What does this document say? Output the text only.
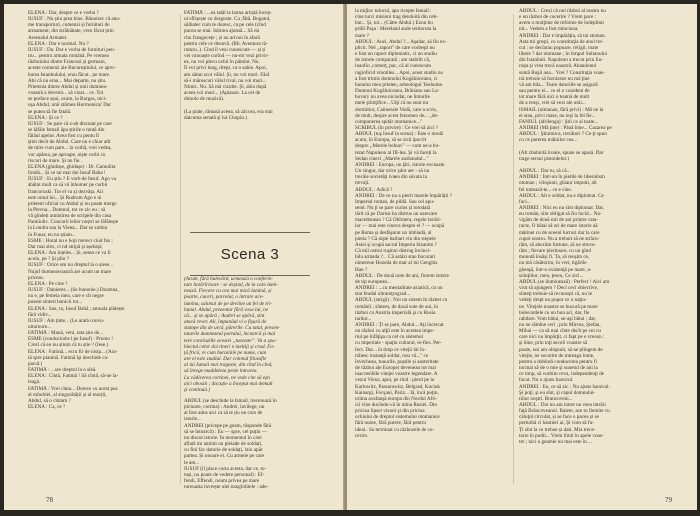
ELENA : Dar, despre ce e vorba ?
IUSUF : Nu știu prea bine. Bănuiesc că anu-
me transporturi, comenzi și furnituri de
armament, din străinătate, vreo făcut prin
Arsenalul Armatei.
ELENA : Dar e normal. Nu ?
IUSUF : Da. Dar e vorba de furnituri pen-
tru... pentru armata română. Pe vremea
războiului dintre Francezi și germani,
aceste comenzi ale Bucureștiului, ce apro-
barea Istanbulului, erau făcut.. pe mare.
Abi că nu erau... Mai departe, nu știu.
Prietenia dintre Abdul și unii dumnea-
voastră a devenit... să vizat... ce. Tot
se preface așui, ocam, la Burgas, nici-
ușa Abdul, unii stărnea Hormonica! Dar
se putea să fie fatală.
ELENA : Și ce ?
IUSUF : Se pare că s-ah discutat pe care
se lăfăie Ismail ăpa știrile o tuntă din
fătăul apelor. Avea fost cu pentu fi
știm decît de Abdul. Care nu e chiar atît
de mire cum pare... la vorbă, vrei vedea,
vor apărea, pe aproape, niște corbi cu
riscuri de mare. Și nu fie..
ELENA (ghidușe, ghidușe) : Dr. Gamulita
fondă... Și ce tai mai doi Iusuf Baba !
IUSUF : Eu știu ? E vorb de Iusuf. Ago va
abătut mult ca să vă înhumer pe corbii
francoruski. Tot el va și dezvăța. Aii
este omul lui... Și Rudrum Ago e ni
prietenl oficial cu Abdul și nu poate merge
la Plevna... Domnul, tot ce zic eu : să
vă gîndeți amintirea de scripele din casa
Pamiiulic. Concurii leilor noștri se lăfăiește
la Londra sau la Viena... Dar se zobita
în Funar, eu nu știam...
ESME : Hotal nu e boți mereci ciud fus ;
Dar mai slex, ci nd stripă și așebași;
ELENA : Am înțeles... Și, semn ce va fi
acolo, pe ? Și plin ?
IUSUF : Orice om nu dreptul la o șiese...
Nujuf dumneavoastră are acum un mare
priceas.
ELENA : Pe cine ?
IUSUF : Danieres... (Se bunonie.) Doamna,
nu e, pe femeia mea, care e cît negre
pusem sinteri bunicii tot...
ELENA : Sau, tu, Iusuf Babă ; amoala plătește
fără vidiv...
IUSUF : Am ținte... (Le arată convu-
nituroure...
FATIMĂ : Mană, veni, tata știe de...
ESME (conducindu-l pe Iusuf) : Prunto !
Crezi că eu nu știum că tu știe ? (Iese.)
ELENA : Fatimă... ecru fir de nisip... (Ara-
tă spre pianină. Fatimă își deschide ca-
pacul.)
FATIMĂ : ...sre dreptul la o sleă.
ELENA : Cîntă, Fatimă ! Să cîntă, să-ne la-
leagă.
FATIMĂ : Vrei cînta... Dorece cu acest pus
al mîndriei, al singurătății și al morții,
Abdul, să o cîntam ?
ELENA : Ca, ce ?
FATIMĂ : ...ea tatăl ta barna artiștă încep-
ul sfîrșește cu dragoste. Ca ,fătă. Bogatul,
sălbatec cum te doresc, ca pe cele (cînd
pacea se mai. Iubirea ajunsă... Să mi
chu frangucețe ; și nu ad noi în afară
pentru cele ce deonvă. (Bb. Aventura râ-
ruturu..). Cînd îl vezi cunoscute — și ți
vei cunoaște curînd — nu-mi vezi privir-
ea, nu voi plecu ochii în pămînt. Nu.
Îl voi privi lung, drept, ca o sabie. Apoi,
am sămn scoi vălul. Și, nu voi muri. Fără
să-i mărescuri vălul rival, nu voi muri...
Nimic. Nu. Să mă vizuite. Și, abia după
aceea voi muri... (Aplauze. La cel de
dimolo de muzică).

(La piate, rămasă aceea, să zăccea, era mai
daicuma senată și lui Chopin.)
Scena 3
(Acum, fără bulevărd, urmează o conferin-
tare hotărîrioare : se deștiul, de la care lumi-
nează. Fiecare cu cea mai mică lumină, și
poarte, cuceri, parcelat, o intrare ace-
lumina, salonul de pe deviine un fel de tri-
bunal. Abdul, prezentar fără vosa lui, ne
că... și se apără ; Audrei se apără, sînt
atacă rever. Ali, împunăul vi o fișură de
stampe din de urcă, părerile. Cu tatul, presen-
taturile dumnezeul portului, încearcă și mai
tere concluzille acestei „tuoteste”. Va a spu-
biectul celor doi tineri e ineltiji și crud. Fa-
ță frică, re cum buruinile pe nume, cum
are el este studiul. Dar colonul filosofie
al lui Ismail mai trageste, din cînd în cînd,
să înrege maddeleza peste intrarea.
La vădicerea cortinei, ne vede cite să ești
aici obositi ; discuție a început mai demult
și continuă.)
ABDUL (se deschide la Ismail, trecerează în
picioare, cortina) : Andrei, lavilege, nu
ai fost adus aici ca să te țiu un curs de
istorie...
ANDREI (pricepe pe geam, răspunde fără
să se întoarcă) : Eu — spre, cel puțin —
nu discut istorie. În momentul în care
aflată mi aminti un pleiade de soldați,
cu fini fac datorie de soldați, laiu apăr
partea. Și onoare ei. Cu armele pe care
le am...
IUSUF (îl place curta acesta, dar ce, to-
tuși, nu poate de vedere personal) : Ef-
fendi, Effendi, noum privea pe mare
tureuasta învrește ulei nanglolitele : ade-
78
la mijloc tulucul, apo ricepte Ismail :
cine turci misioni trag dendoită din ceb-
bur... Și, tor... (Către Abdul.) Ezon bu
prilli Paşa : Mereland ande teritoruta la
mare ?
ABDUL : Auzi, Abdul ?... Aşadar, să fiu ex-
plicit. Nel ,,raport" de care vorbeşti nu
e fost un raport diplomatic, ci un studiu
de istorie comparată ; am stabilit că,
inaufio ,comerţ, pac, că al cunoscum
ragioficid vinotiles... Apoi, acest studiu nu
a fost trimis domnului Kogălniceanu, ci
hunului meu prieten, arheologul Teohome.
Dumnul Kogălniceanu, Brătianu sau La-
hovary nu avea niciodat, ne limurile
mele ştiinţifice... Uiţi că nu sunt nu
dormitior, Caiinerale Vodă, care a scris,
de mult, despre acest fenomen de... ,,de-
compunerea spităr otomanice..."
SCRIBUL (în privire) : Ce vrei să zici ?
ABDUL (tuş Iusuf la scena) : Este o modă
acum, în Europa, să se zică ipocrit
despre ,,Marele bolnav" — cum ne-a bu-
tezat Napoleon al III-lea. Şi vă faceți la
Sedan cineci ,,Marele auzbandul..."
ANDREI : Europa, uo ţări, istorie excusate.
Un singur, dar orice şdor aer - să nu
trecăie societăţi ivaea din săvata la
trevaji.
ABDUL : Adică ?
ANDREI : De ce nu a pierit marele împărăţii ?
Imperial roman, de pildă. Sau cel apu-
send. Nu ţi se pare curios şi totodată
tărit că pe Darius ba distrus un oarecare
macedonean ? Că Obîrnera, regele lavări-
lor — mai este cineva despre el ? — ocupă
pe Roma şi desfăşurat un imbiadă, al
pietia ? Că nişte barbari vin din stepele
Asiei şi scupă sacrul Imperiu bizantin ?
Că mii ostroi ruşinui distrug învinci-
bila armada ?... Că astăzi stau bucurari
nimereue Hozeda de mar al lui Genghis
Han ?
ABDUL : De două note de ani, fiorem istorie
de tip european...
ANDREI : ...cu mentalitate asiatică, cu un
stat feudal ultrareţrograd...
ABDUL (strigă) : Noi un sistem în răzbei cu
românii ; sîntem, de două sute de ani, în
război cu Austria imperială şi cu Rusia
tarilor...
ANDREI : Ţi se pare, Abdul... Aţi încercat
un război cu alţii este în acestea impe-
riul pe înfăţişa ca cel cu sistemul
cu imperiale - spaţiu cultural, re-fies. Per-
fect. Dar... în timp ce vitejii tăi în-
trăiesc instanță soldat, nou vă..." ce
învecheau, tunurile, puștile și austeritate
de război ale Europei deveneau tot mai
inaccesibile vitejei voastre legendare. A
vezut Viena, apoi, pe rînd : pierd pe la
Karlowitz, Passarowitz, Belgrad, Kuciuk
Kainargi, Focşani, Pariz... Iă, încă puţin,
urima avafanşă europa din Nordul Afri-
cii vine ducîndu-vă în mîna Rusiei. Din
pricina lipsei vizoni şi din pricina
ochiului de dreptul sistemului otomanice
fără nume, fără putere, fără pentru
ideal.. Sa terminat cu războzele de cu-
cerire.
ABDUL : Crezi că noi răzbui al nostru nu
e un război de cucerire ? Vrem pace :
avem o mulţime de reforme de îndeplinit
nit... Vedem a fost minciuna.
ANDREI : Dar e împărăţia, să tai stoman.
Asta mi greşti, cu constituţia de anul tre-
cut : se declarau popoare, religii, toate
libere ? dar otomane ; în timpul Sultanului
din Istanbuli. Napoleon a trecut prin Eu-
ropa şi vrea trecă noastră. Abandonul
suntă Ruşii aua... Vrei ? Constituţia voas-
tră trebuie să furnizeze nu mă ţine
vă am bila... Toate datoriile se asigură
sau pentru ei... ce el o coardeni de
tot mare fără nici o teamă de mult
de a reuşi, vrei să vezi ale unii...
ISMAIL (ulmanan, fără privi) : Mă ne la
ei stau, privi mase, nu ieşi la fel fie...
FANIUL (afrilenga) : Ştii ce ai toate...
ANDREI (Mă ţine) : Până bine... Cazarea pe
ABDUL : Ştiuimica, trecători ? Ce-ţi spun
cu ce puterea mâinilor cea...

(Alt zbuhnită ironie, spune se apasă. Dar
trage sersul pistoidelor.)

ABDUL : Dar tu, să că...
ANDREI : Într-un în pietile de liberalism
otoman ; viloşiuni, ghiaur impuiti, alt
fel tratează-te... ce e cine.
ABDUL : Alt e soldat, nu e diplomat. Ce
faci...
ANDREI : Nici eu nu sînt diplomat. Dar,
eu român, sînt obligat să fiu lucid... Na-
vigăm de două mii de ani printre cata-
racte, O bătai să ori de mare istorie aă
mătinet cu de aceeni lucruri dar la care
cupol nostru. Nu a trebuit să ne străcu-
răm, să abocăm furtune, să ne strecu-
răm ; fiecare pieritoare, cu un gînd
monută însăşi fi. Ta, să reuşim ce,
nu mă căsătorim, în vrei, tigările
gheaşă, într-o existenţă pe mare, a-
soluţiilor, meu, ţeseu, Ce zici...
ABDUL (se iluminează) : Perfect ! Aici am
vrut să ajungem ? Deci ceci obiective,
sînteţi trebuie să recunoşti că, nu le
vedeţi drept un popor ce o naţiu-
ne. Vitejele noastre se bucură pe mare
bulevardele cu un bun aci, dar, fie
rabdare. Vom bătui, se-aşi bătui ; dar,
nu ne rămîne ceri ; prin Mircea, Ştefan,
Mihai — ca să mai cînte decît pe cei cu
care nici nu împărţit, ci fapt pe e vreosu :
şi bine, prin toţi secoli voastre să
poate, noi am obişnuit, să ne plîngem de
vitejie, ne socotim de intreaga lume,
pentru a dobîndi conducerea pentru fi
tocmai să de o mie şi sunetul de ani la
ce timp, să vorbim ceva, independenţi de
facut. Nu o ajuns harsicul.
ANDREI : Eu, ce să zic : Nu ajuns harsical.
Şi poţi, şi eu sînt, şi capul domnului-
tiilor noştri. Brancoveni...
ABDUL : Dar nu am intret nu ceea intrări
faţă Brâncoveanul. Baiete, ace tu fiemite cu
căluţul circulat, și se face o pacea și se
perturbă ci hantieri ai, Și vom să fu-
Ți sînt la ce trebue și dati. Mia trece-
torie în podii... Vrem lîmit în apele voas-
tre ; nici o geamie nu mai este în ...
79
